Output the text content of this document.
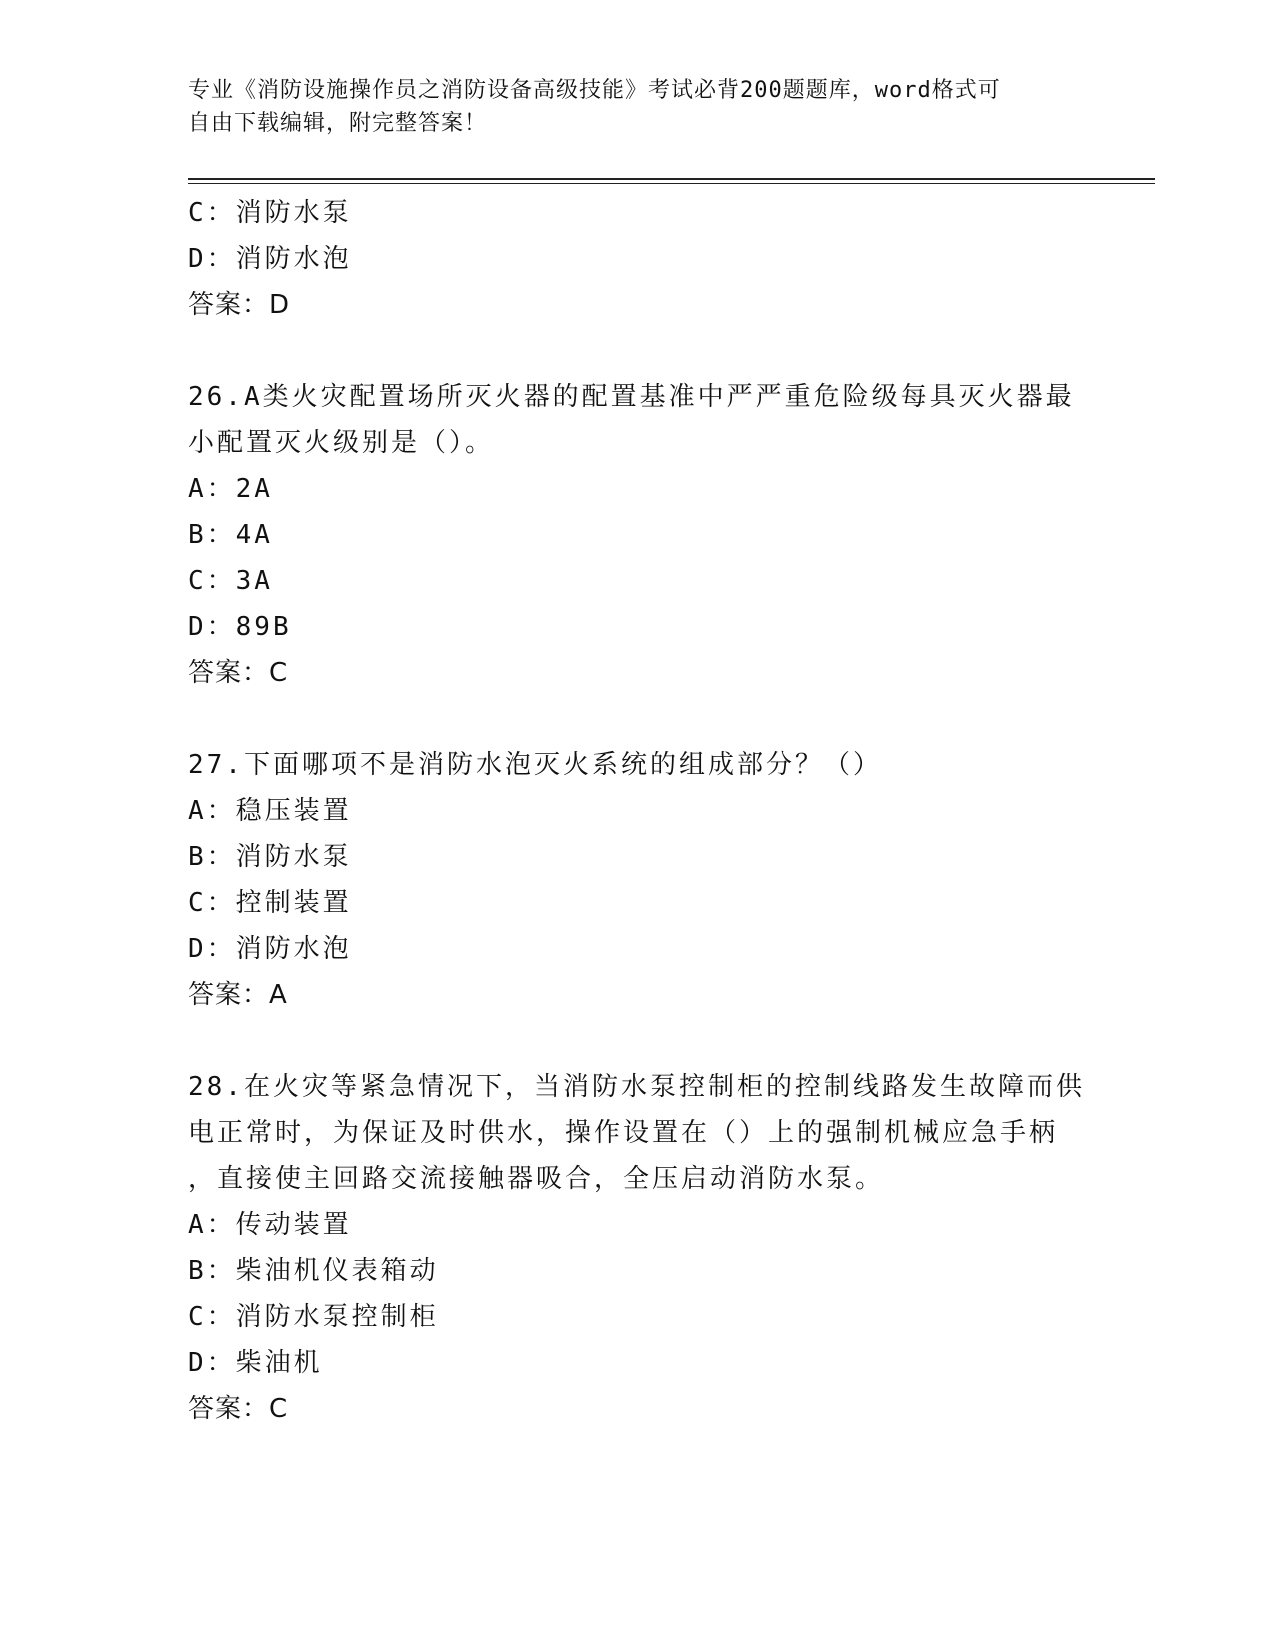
专业《消防设施操作员之消防设备高级技能》考试必背200题题库，word格式可
自由下载编辑，附完整答案！
C：消防水泵
D：消防水泡
答案：D
26.A类火灾配置场所灭火器的配置基准中严严重危险级每具灭火器最
小配置灭火级别是（）。
A：2A
B：4A
C：3A
D：89B
答案：C
27.下面哪项不是消防水泡灭火系统的组成部分？（）
A：稳压装置
B：消防水泵
C：控制装置
D：消防水泡
答案：A
28.在火灾等紧急情况下，当消防水泵控制柜的控制线路发生故障而供
电正常时，为保证及时供水，操作设置在（）上的强制机械应急手柄
，直接使主回路交流接触器吸合，全压启动消防水泵。
A：传动装置
B：柴油机仪表箱动
C：消防水泵控制柜
D：柴油机
答案：C
